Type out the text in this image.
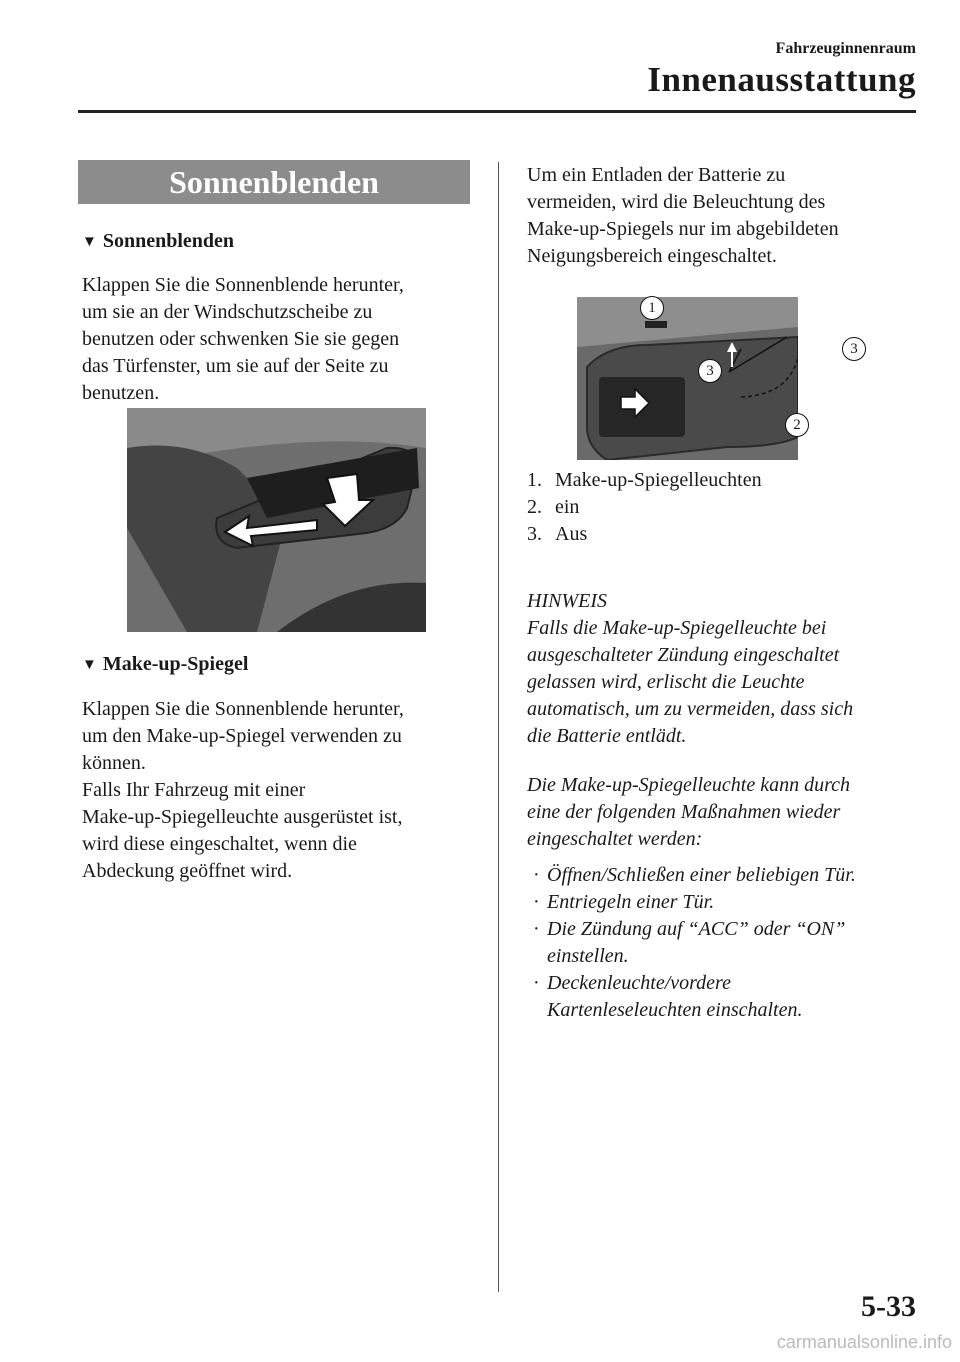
Fahrzeuginnenraum
Innenausstattung
Sonnenblenden
▼ Sonnenblenden
Klappen Sie die Sonnenblende herunter,
um sie an der Windschutzscheibe zu
benutzen oder schwenken Sie sie gegen
das Türfenster, um sie auf der Seite zu
benutzen.
▼ Make-up-Spiegel
Klappen Sie die Sonnenblende herunter,
um den Make-up-Spiegel verwenden zu
können.
Falls Ihr Fahrzeug mit einer
Make-up-Spiegelleuchte ausgerüstet ist,
wird diese eingeschaltet, wenn die
Abdeckung geöffnet wird.
Um ein Entladen der Batterie zu
vermeiden, wird die Beleuchtung des
Make-up-Spiegels nur im abgebildeten
Neigungsbereich eingeschaltet.
1
2
3
3
1. Make-up-Spiegelleuchten
2. ein
3. Aus
HINWEIS
Falls die Make-up-Spiegelleuchte bei
ausgeschalteter Zündung eingeschaltet
gelassen wird, erlischt die Leuchte
automatisch, um zu vermeiden, dass sich
die Batterie entlädt.
Die Make-up-Spiegelleuchte kann durch
eine der folgenden Maßnahmen wieder
eingeschaltet werden:
· Öffnen/Schließen einer beliebigen Tür.
· Entriegeln einer Tür.
· Die Zündung auf “ACC” oder “ON”
einstellen.
· Deckenleuchte/vordere
Kartenleseleuchten einschalten.
5-33
carmanualsonline.info
